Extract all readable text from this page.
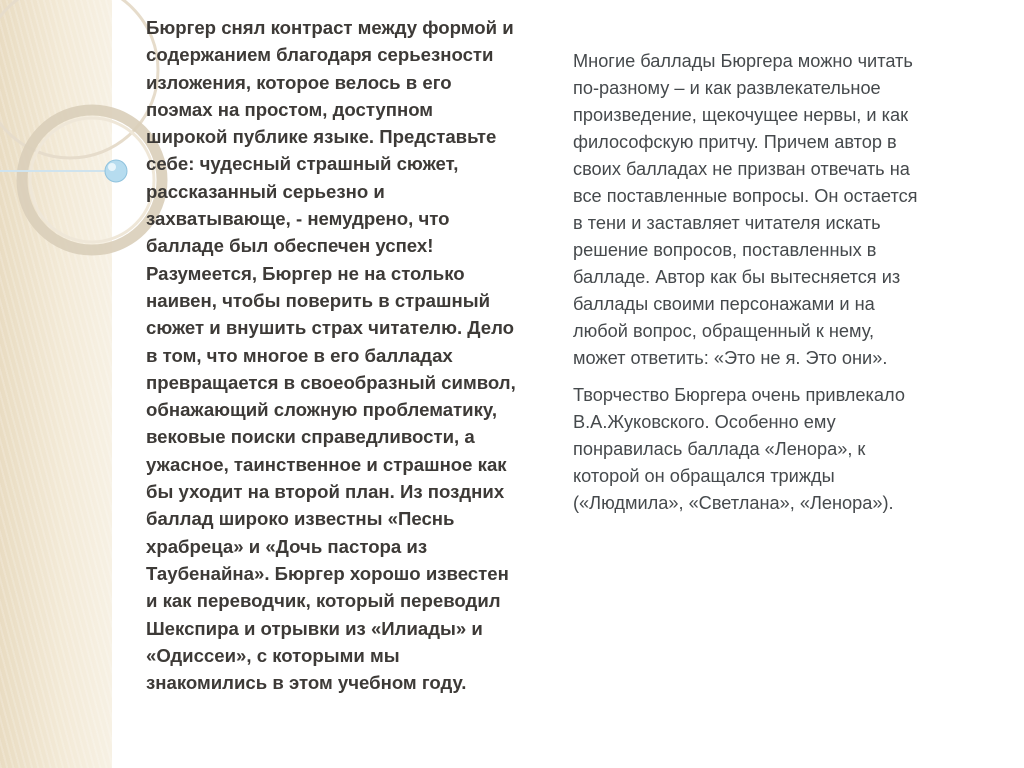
Бюргер снял контраст между формой и
содержанием благодаря серьезности
изложения, которое велось в его
поэмах на простом, доступном
широкой публике языке. Представьте
себе: чудесный страшный сюжет,
рассказанный серьезно и
захватывающе, - немудрено, что
балладе был обеспечен успех!
Разумеется, Бюргер не на столько
наивен, чтобы поверить в страшный
сюжет и внушить страх читателю. Дело
в том, что многое в его балладах
превращается в своеобразный символ,
обнажающий сложную проблематику,
вековые поиски справедливости, а
ужасное, таинственное и страшное как
бы уходит на второй план. Из поздних
баллад широко известны «Песнь
храбреца» и «Дочь пастора из
Таубенайна». Бюргер хорошо известен
и как переводчик, который переводил
Шекспира и отрывки из «Илиады» и
«Одиссеи», с которыми мы
знакомились в этом учебном году.

Многие баллады Бюргера можно читать
по-разному – и как развлекательное
произведение, щекочущее нервы, и как
философскую притчу. Причем автор в
своих балладах не призван отвечать на
все поставленные вопросы. Он остается
в тени и заставляет читателя искать
решение вопросов, поставленных в
балладе. Автор как бы вытесняется из
баллады своими персонажами и на
любой вопрос, обращенный к нему,
может ответить: «Это не я. Это они».

Творчество Бюргера очень привлекало
В.А.Жуковского. Особенно ему
понравилась баллада «Ленора», к
которой он обращался трижды
(«Людмила», «Светлана», «Ленора»).
